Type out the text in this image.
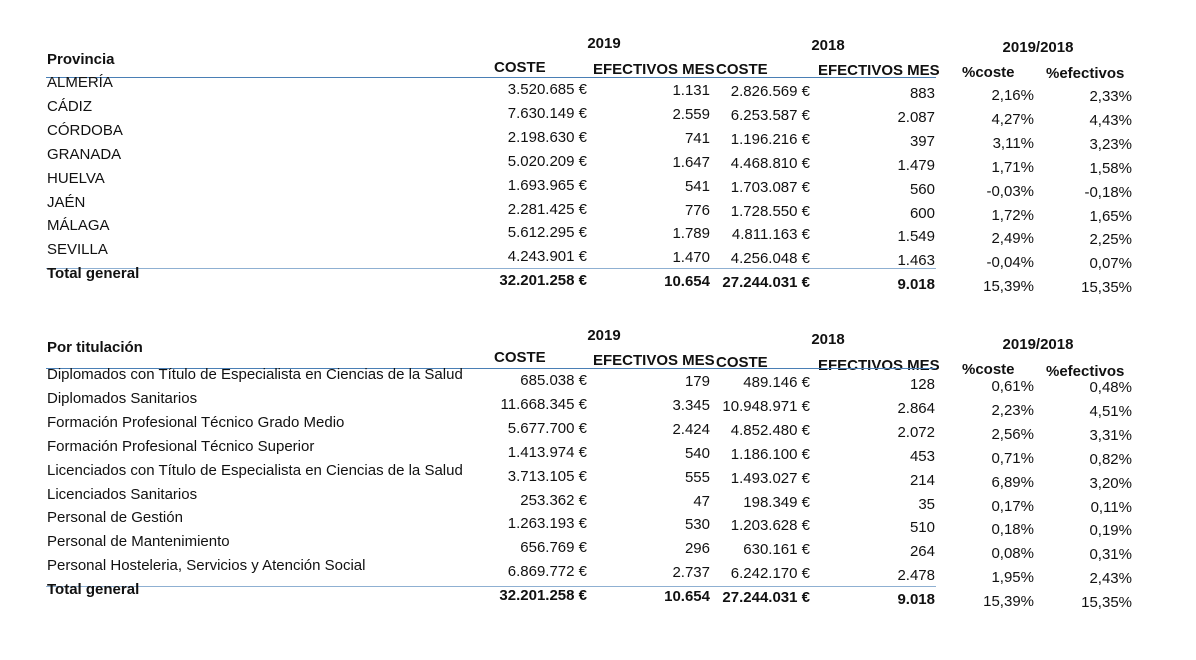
2019	2018	2019/2018
Provincia	COSTE	EFECTIVOS MES COSTE	EFECTIVOS MES %coste %efectivos
ALMERÍA	3.520.685 €	1.131	2.826.569 €	883	2,16%	2,33%
CÁDIZ	7.630.149 €	2.559	6.253.587 €	2.087	4,27%	4,43%
CÓRDOBA	2.198.630 €	741	1.196.216 €	397	3,11%	3,23%
GRANADA	5.020.209 €	1.647	4.468.810 €	1.479	1,71%	1,58%
HUELVA	1.693.965 €	541	1.703.087 €	560	-0,03%	-0,18%
JAÉN	2.281.425 €	776	1.728.550 €	600	1,72%	1,65%
MÁLAGA	5.612.295 €	1.789	4.811.163 €	1.549	2,49%	2,25%
SEVILLA	4.243.901 €	1.470	4.256.048 €	1.463	-0,04%	0,07%
Total general	32.201.258 €	10.654 27.244.031 €	9.018	15,39%	15,35%
2019	2018	2019/2018
Por titulación
COSTE	EFECTIVOS MES COSTE	EFECTIVOS MES %coste %efectivos
Diplomados con Título de Especialista en Ciencias de la Salud	685.038 €	179	489.146 €	128	0,61%	0,48%
Diplomados Sanitarios	11.668.345 €	3.345 10.948.971 €	2.864	2,23%	4,51%
Formación Profesional Técnico Grado Medio	5.677.700 €	2.424	4.852.480 €	2.072	2,56%	3,31%
Formación Profesional Técnico Superior	1.413.974 €	540	1.186.100 €	453	0,71%	0,82%
Licenciados con Título de Especialista en Ciencias de la Salud	3.713.105 €	555	1.493.027 €	214	6,89%	3,20%
Licenciados Sanitarios	253.362 €	47	198.349 €	35	0,17%	0,11%
Personal de Gestión	1.263.193 €	530	1.203.628 €	510	0,18%	0,19%
Personal de Mantenimiento	656.769 €	296	630.161 €	264	0,08%	0,31%
Personal Hosteleria, Servicios y Atención Social	6.869.772 €	2.737	6.242.170 €	2.478	1,95%	2,43%
Total general	32.201.258 €	10.654 27.244.031 €	9.018	15,39%	15,35%
